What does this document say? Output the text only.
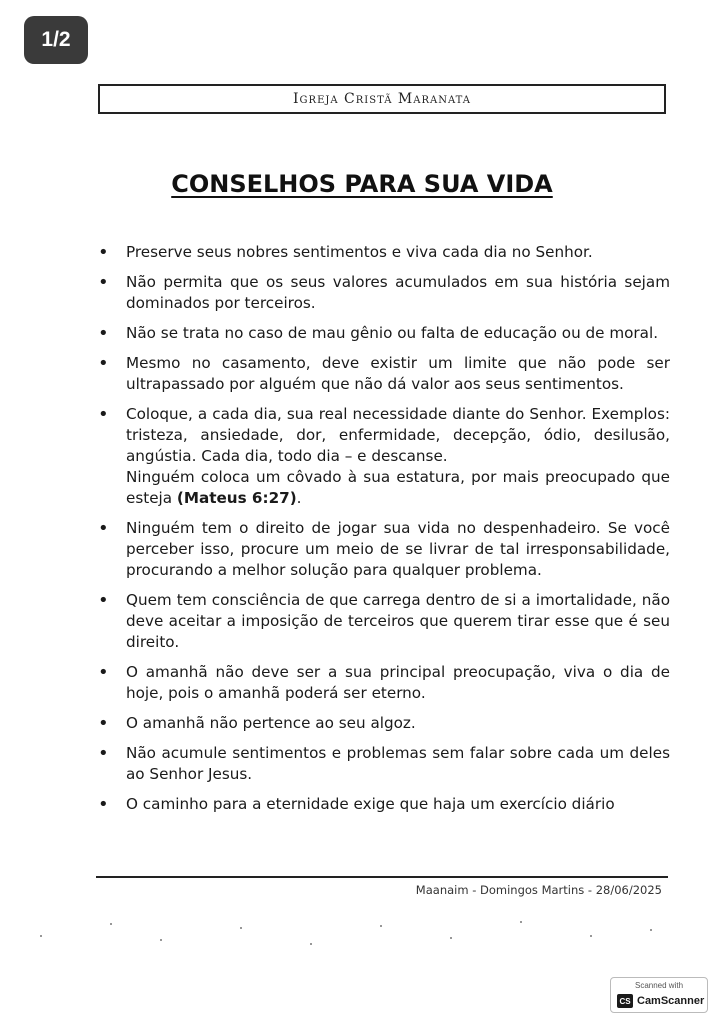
1/2
Igreja Cristã Maranata
CONSELHOS PARA SUA VIDA
• Preserve seus nobres sentimentos e viva cada dia no Senhor.
• Não permita que os seus valores acumulados em sua história sejam dominados por terceiros.
• Não se trata no caso de mau gênio ou falta de educação ou de moral.
• Mesmo no casamento, deve existir um limite que não pode ser ultrapassado por alguém que não dá valor aos seus sentimentos.
• Coloque, a cada dia, sua real necessidade diante do Senhor. Exemplos: tristeza, ansiedade, dor, enfermidade, decepção, ódio, desilusão, angústia. Cada dia, todo dia – e descanse.
Ninguém coloca um côvado à sua estatura, por mais preocupado que esteja (Mateus 6:27).
• Ninguém tem o direito de jogar sua vida no despenhadeiro. Se você perceber isso, procure um meio de se livrar de tal irresponsabilidade, procurando a melhor solução para qualquer problema.
• Quem tem consciência de que carrega dentro de si a imortalidade, não deve aceitar a imposição de terceiros que querem tirar esse que é seu direito.
• O amanhã não deve ser a sua principal preocupação, viva o dia de hoje, pois o amanhã poderá ser eterno.
• O amanhã não pertence ao seu algoz.
• Não acumule sentimentos e problemas sem falar sobre cada um deles ao Senhor Jesus.
• O caminho para a eternidade exige que haja um exercício diário
Maanaim - Domingos Martins - 28/06/2025
Scanned with
CS CamScanner
